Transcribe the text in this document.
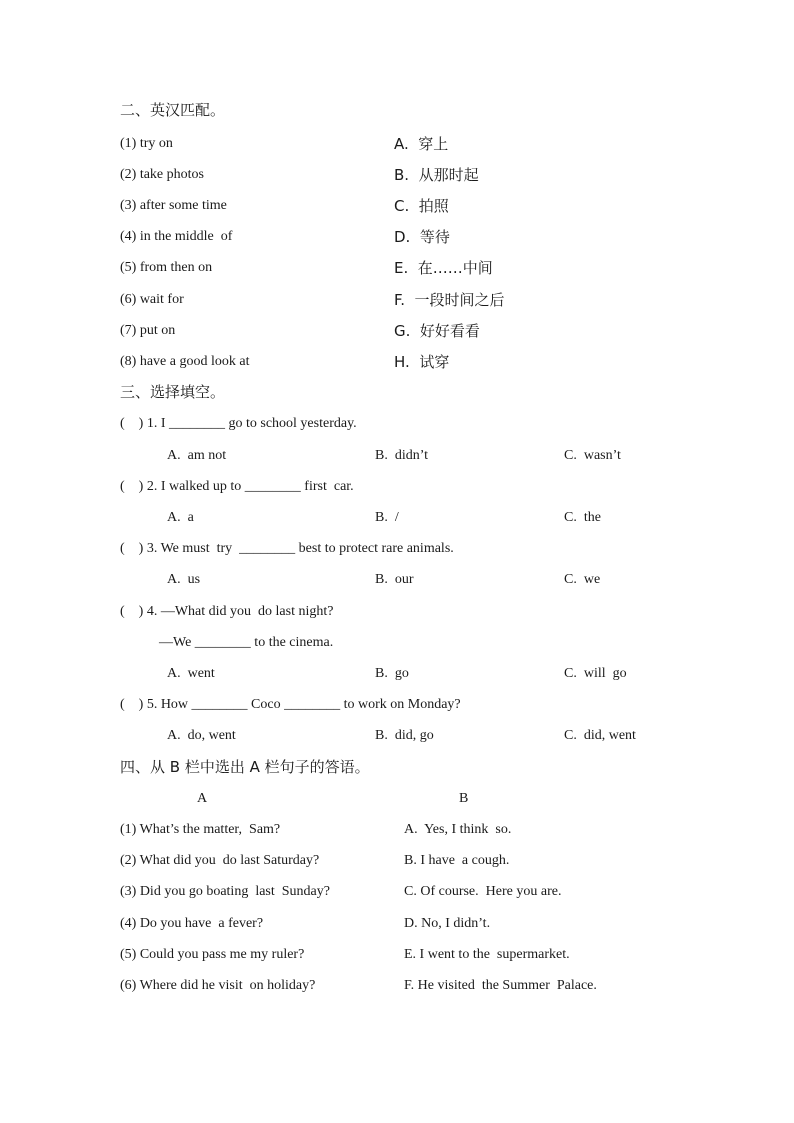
二、英汉匹配。
(1) try on	A.  穿上
(2) take photos	B.  从那时起
(3) after some time	C.  拍照
(4) in the middle  of	D.  等待
(5) from then on	E.  在……中间
(6) wait for	F.  一段时间之后
(7) put on	G.  好好看看
(8) have a good look at	H.  试穿
三、选择填空。
(    ) 1. I ________ go to school yesterday.
A.  am not	B.  didn’t	C.  wasn’t
(    ) 2. I walked up to ________ first  car.
A.  a	B.  /	C.  the
(    ) 3. We must  try  ________ best to protect rare animals.
A.  us	B.  our	C.  we
(    ) 4. —What did you  do last night?
—We ________ to the cinema.
A.  went	B.  go	C.  will  go
(    ) 5. How ________ Coco ________ to work on Monday?
A.  do, went	B.  did, go	C.  did, went
四、从 B 栏中选出 A 栏句子的答语。
A	B
(1) What’s the matter,  Sam?	A.  Yes, I think  so.
(2) What did you  do last Saturday?	B. I have  a cough.
(3) Did you go boating  last  Sunday?	C. Of course.  Here you are.
(4) Do you have  a fever?	D. No, I didn’t.
(5) Could you pass me my ruler?	E. I went to the  supermarket.
(6) Where did he visit  on holiday?	F. He visited  the Summer  Palace.
